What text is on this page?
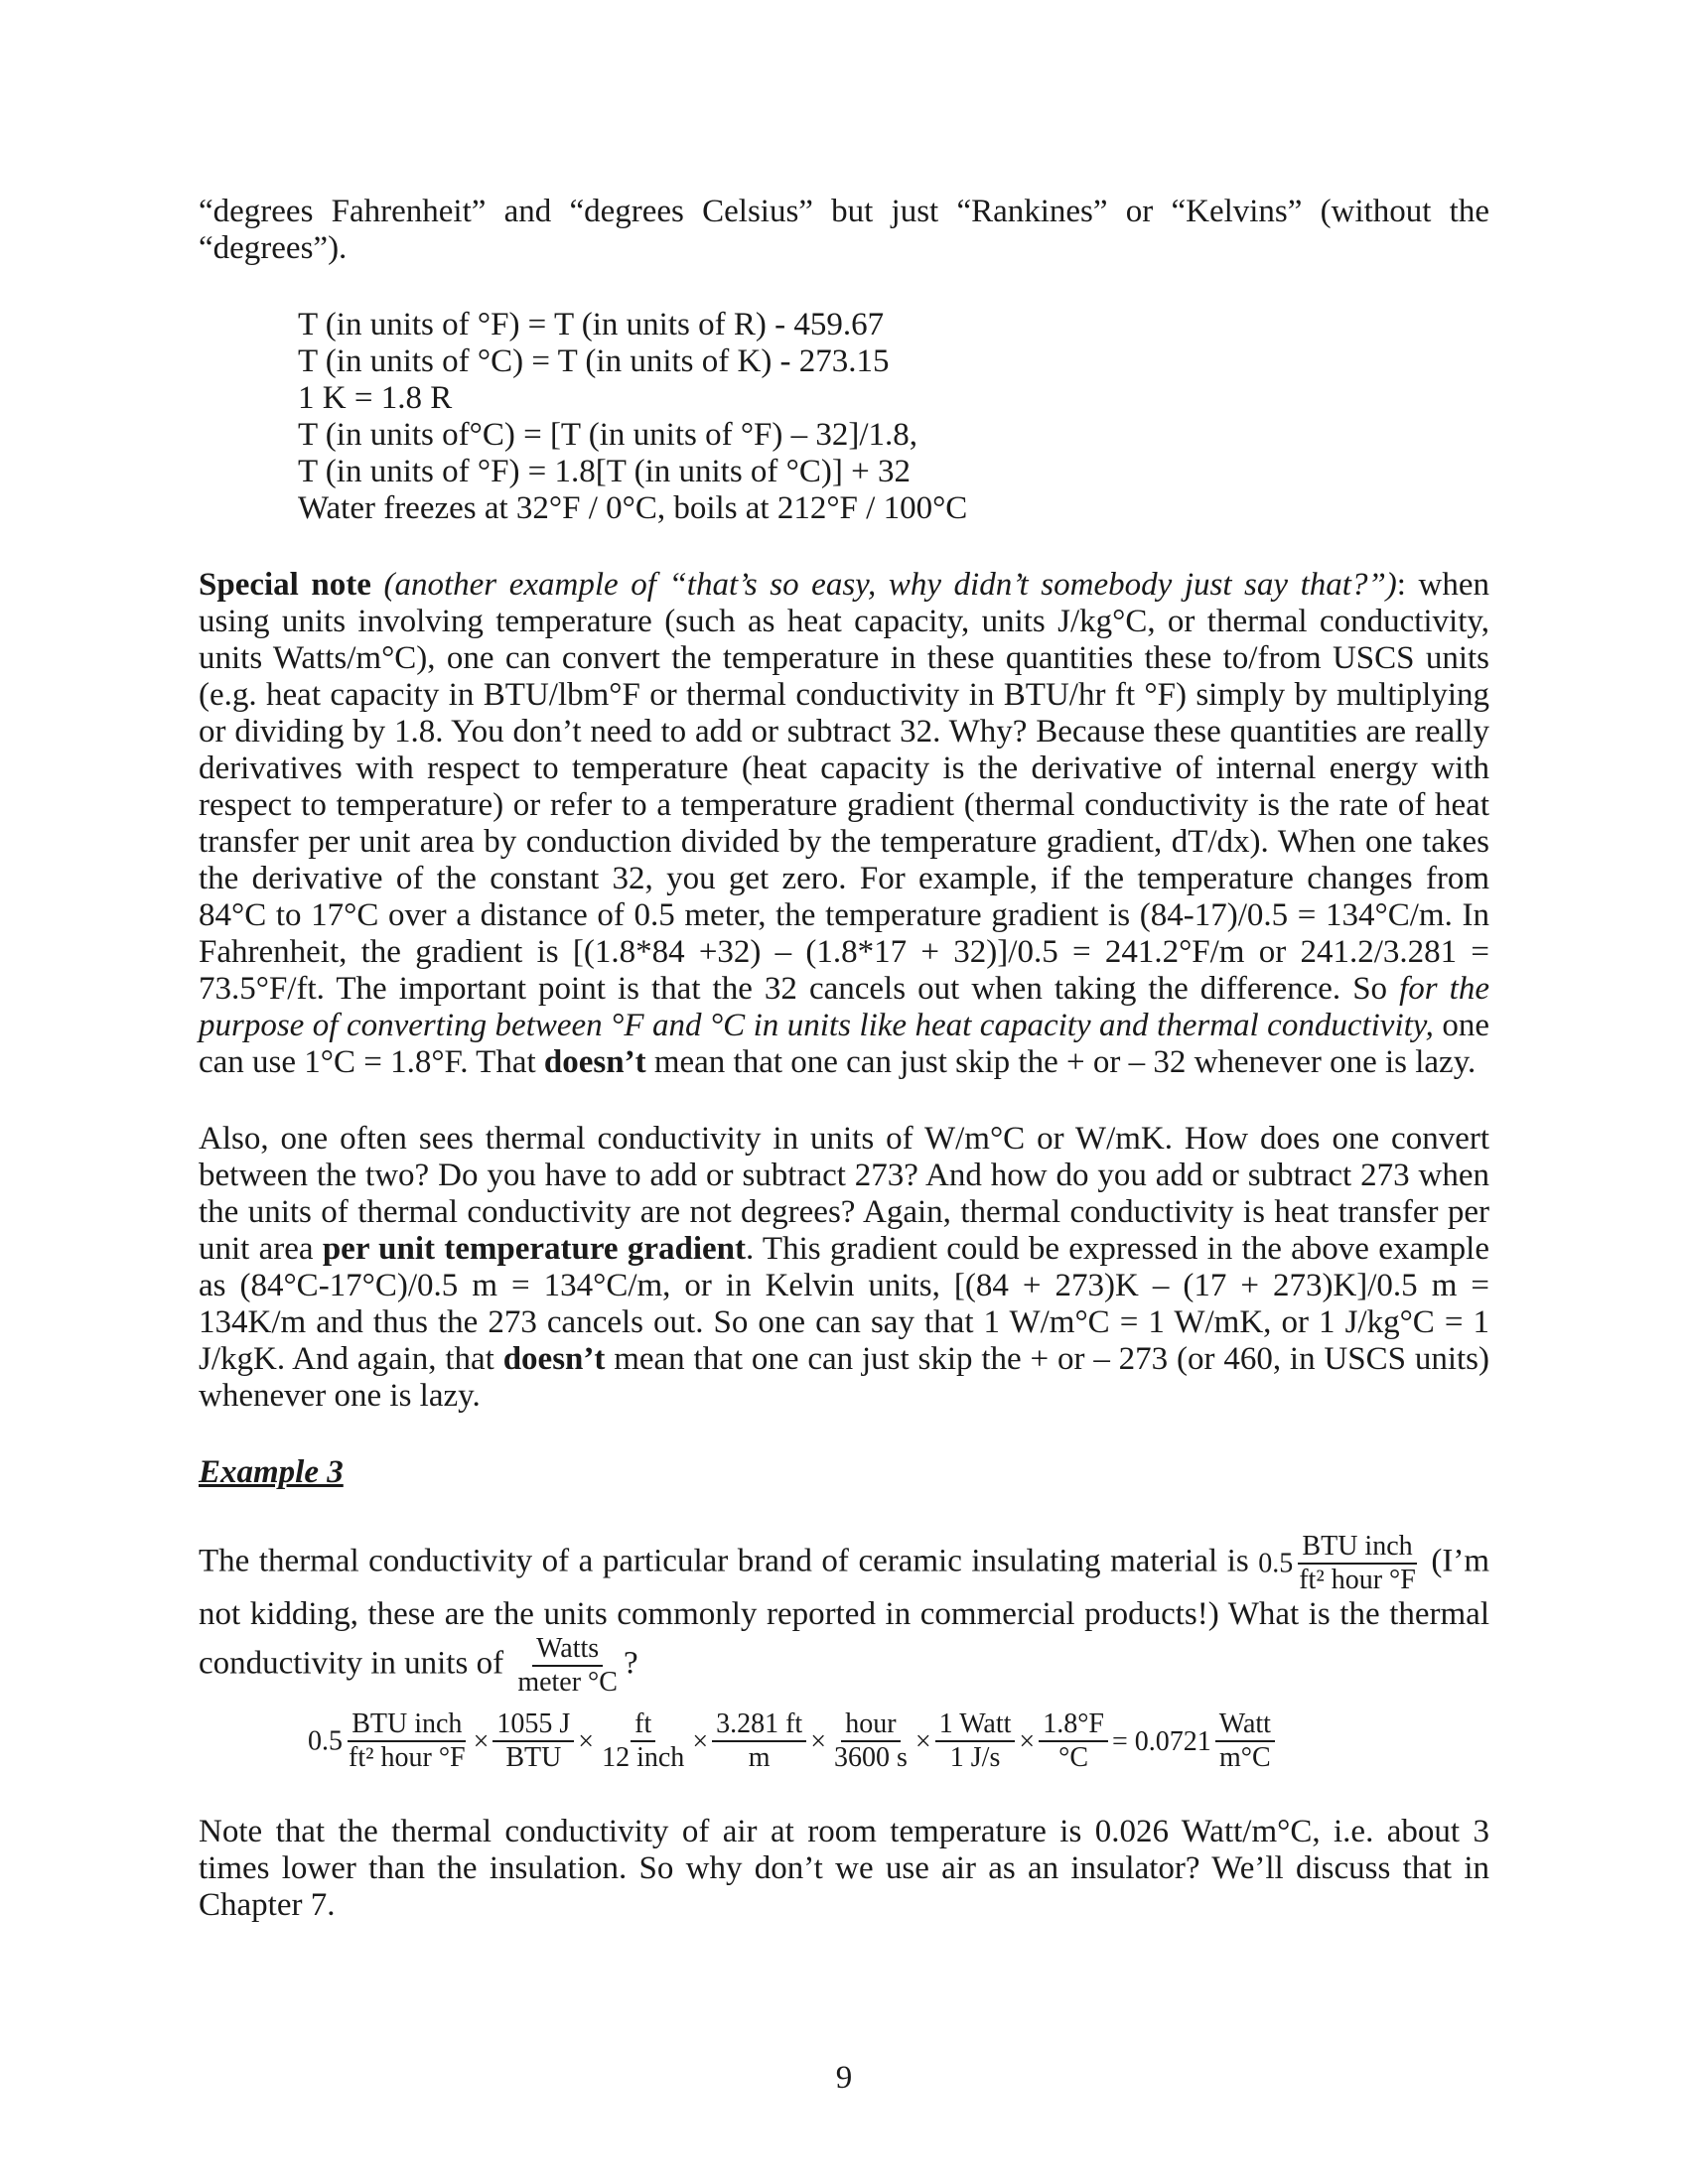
“degrees Fahrenheit” and “degrees Celsius” but just “Rankines” or “Kelvins” (without the “degrees”).

T (in units of °F) = T (in units of R) - 459.67
T (in units of °C) = T (in units of K) - 273.15
1 K = 1.8 R
T (in units of°C) = [T (in units of °F) – 32]/1.8,
T (in units of °F) = 1.8[T (in units of °C)] + 32
Water freezes at 32°F / 0°C, boils at 212°F / 100°C

Special note (another example of “that’s so easy, why didn’t somebody just say that?”): when using units involving temperature (such as heat capacity, units J/kg°C, or thermal conductivity, units Watts/m°C), one can convert the temperature in these quantities these to/from USCS units (e.g. heat capacity in BTU/lbm°F or thermal conductivity in BTU/hr ft °F) simply by multiplying or dividing by 1.8. You don’t need to add or subtract 32. Why? Because these quantities are really derivatives with respect to temperature (heat capacity is the derivative of internal energy with respect to temperature) or refer to a temperature gradient (thermal conductivity is the rate of heat transfer per unit area by conduction divided by the temperature gradient, dT/dx). When one takes the derivative of the constant 32, you get zero. For example, if the temperature changes from 84°C to 17°C over a distance of 0.5 meter, the temperature gradient is (84-17)/0.5 = 134°C/m. In Fahrenheit, the gradient is [(1.8*84 +32) – (1.8*17 + 32)]/0.5 = 241.2°F/m or 241.2/3.281 = 73.5°F/ft. The important point is that the 32 cancels out when taking the difference. So for the purpose of converting between °F and °C in units like heat capacity and thermal conductivity, one can use 1°C = 1.8°F. That doesn’t mean that one can just skip the + or – 32 whenever one is lazy.

Also, one often sees thermal conductivity in units of W/m°C or W/mK. How does one convert between the two? Do you have to add or subtract 273? And how do you add or subtract 273 when the units of thermal conductivity are not degrees? Again, thermal conductivity is heat transfer per unit area per unit temperature gradient. This gradient could be expressed in the above example as (84°C-17°C)/0.5 m = 134°C/m, or in Kelvin units, [(84 + 273)K – (17 + 273)K]/0.5 m = 134K/m and thus the 273 cancels out. So one can say that 1 W/m°C = 1 W/mK, or 1 J/kg°C = 1 J/kgK. And again, that doesn’t mean that one can just skip the + or – 273 (or 460, in USCS units) whenever one is lazy.

Example 3

The thermal conductivity of a particular brand of ceramic insulating material is $0.5 \frac{\text{BTU inch}}{\text{ft² hour °F}}$ (I’m not kidding, these are the units commonly reported in commercial products!) What is the thermal conductivity in units of $\frac{\text{Watts}}{\text{meter °C}}$ ?

$0.5 \frac{\text{BTU inch}}{\text{ft² hour °F}} \times \frac{1055 J}{\text{BTU}} \times \frac{ft}{\text{12 inch}} \times \frac{3.281 ft}{m} \times \frac{\text{hour}}{3600 s} \times \frac{\text{1 Watt}}{1 J/s} \times \frac{1.8^\circ F}{^\circ C} = 0.0721 \frac{\text{Watt}}{m^\circ C}$

Note that the thermal conductivity of air at room temperature is 0.026 Watt/m°C, i.e. about 3 times lower than the insulation. So why don’t we use air as an insulator? We’ll discuss that in Chapter 7.

9
